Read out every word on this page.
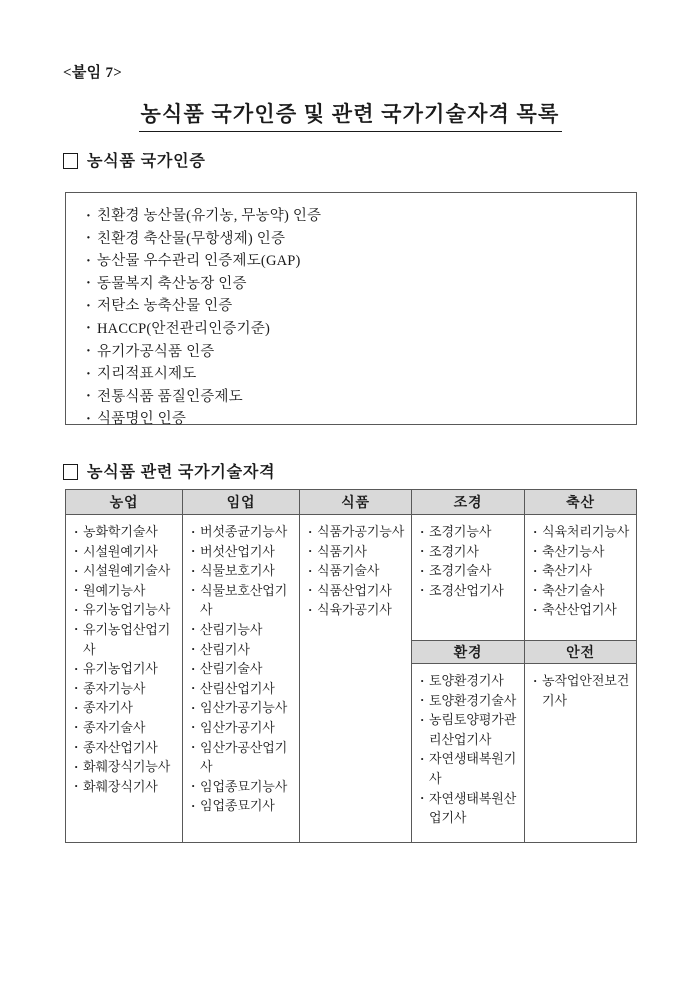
<붙임 7>
농식품 국가인증 및 관련 국가기술자격 목록
농식품 국가인증
· 친환경 농산물(유기농, 무농약) 인증
· 친환경 축산물(무항생제) 인증
· 농산물 우수관리 인증제도(GAP)
· 동물복지 축산농장 인증
· 저탄소 농축산물 인증
· HACCP(안전관리인증기준)
· 유기가공식품 인증
· 지리적표시제도
· 전통식품 품질인증제도
· 식품명인 인증
농식품 관련 국가기술자격
농업
· 농화학기술사
· 시설원예기사
· 시설원예기술사
· 원예기능사
· 유기농업기능사
· 유기농업산업기사
· 유기농업기사
· 종자기능사
· 종자기사
· 종자기술사
· 종자산업기사
· 화훼장식기능사
· 화훼장식기사
임업
· 버섯종균기능사
· 버섯산업기사
· 식물보호기사
· 식물보호산업기사
· 산림기능사
· 산림기사
· 산림기술사
· 산림산업기사
· 임산가공기능사
· 임산가공기사
· 임산가공산업기사
· 임업종묘기능사
· 임업종묘기사
식품
· 식품가공기능사
· 식품기사
· 식품기술사
· 식품산업기사
· 식육가공기사
조경
· 조경기능사
· 조경기사
· 조경기술사
· 조경산업기사
환경
· 토양환경기사
· 토양환경기술사
· 농림토양평가관리산업기사
· 자연생태복원기사
· 자연생태복원산업기사
축산
· 식육처리기능사
· 축산기능사
· 축산기사
· 축산기술사
· 축산산업기사
안전
· 농작업안전보건기사
